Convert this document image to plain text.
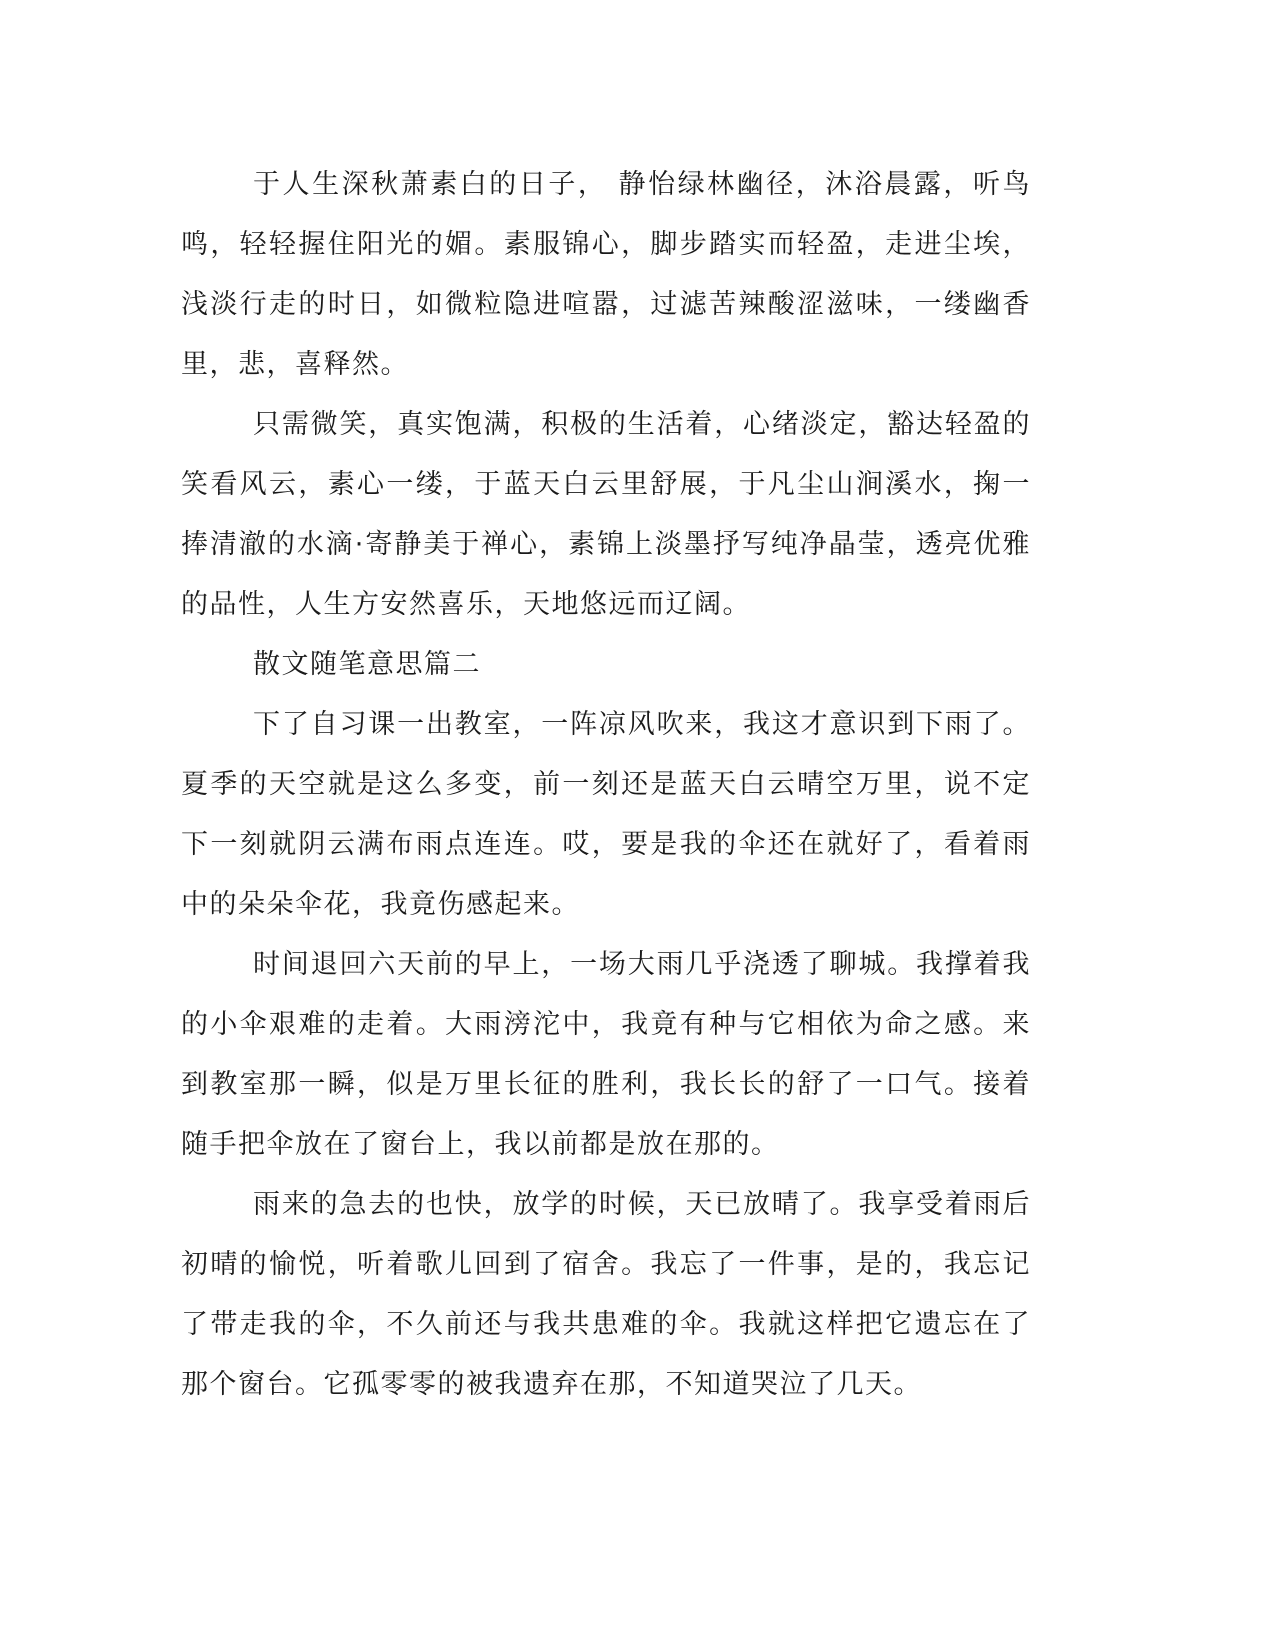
于人生深秋萧素白的日子， 静怡绿林幽径，沐浴晨露，听鸟鸣，轻轻握住阳光的媚。素服锦心，脚步踏实而轻盈，走进尘埃， 浅淡行走的时日，如微粒隐进喧嚣，过滤苦辣酸涩滋味，一缕幽香里，悲，喜释然。

只需微笑，真实饱满，积极的生活着，心绪淡定，豁达轻盈的笑看风云，素心一缕，于蓝天白云里舒展，于凡尘山涧溪水，掬一捧清澈的水滴·寄静美于禅心，素锦上淡墨抒写纯净晶莹，透亮优雅的品性，人生方安然喜乐，天地悠远而辽阔。

散文随笔意思篇二

下了自习课一出教室，一阵凉风吹来，我这才意识到下雨了。夏季的天空就是这么多变，前一刻还是蓝天白云晴空万里，说不定下一刻就阴云满布雨点连连。哎，要是我的伞还在就好了，看着雨中的朵朵伞花，我竟伤感起来。

时间退回六天前的早上，一场大雨几乎浇透了聊城。我撑着我的小伞艰难的走着。大雨滂沱中，我竟有种与它相依为命之感。来到教室那一瞬，似是万里长征的胜利，我长长的舒了一口气。接着随手把伞放在了窗台上，我以前都是放在那的。

雨来的急去的也快，放学的时候，天已放晴了。我享受着雨后初晴的愉悦，听着歌儿回到了宿舍。我忘了一件事，是的，我忘记了带走我的伞，不久前还与我共患难的伞。我就这样把它遗忘在了那个窗台。它孤零零的被我遗弃在那，不知道哭泣了几天。
